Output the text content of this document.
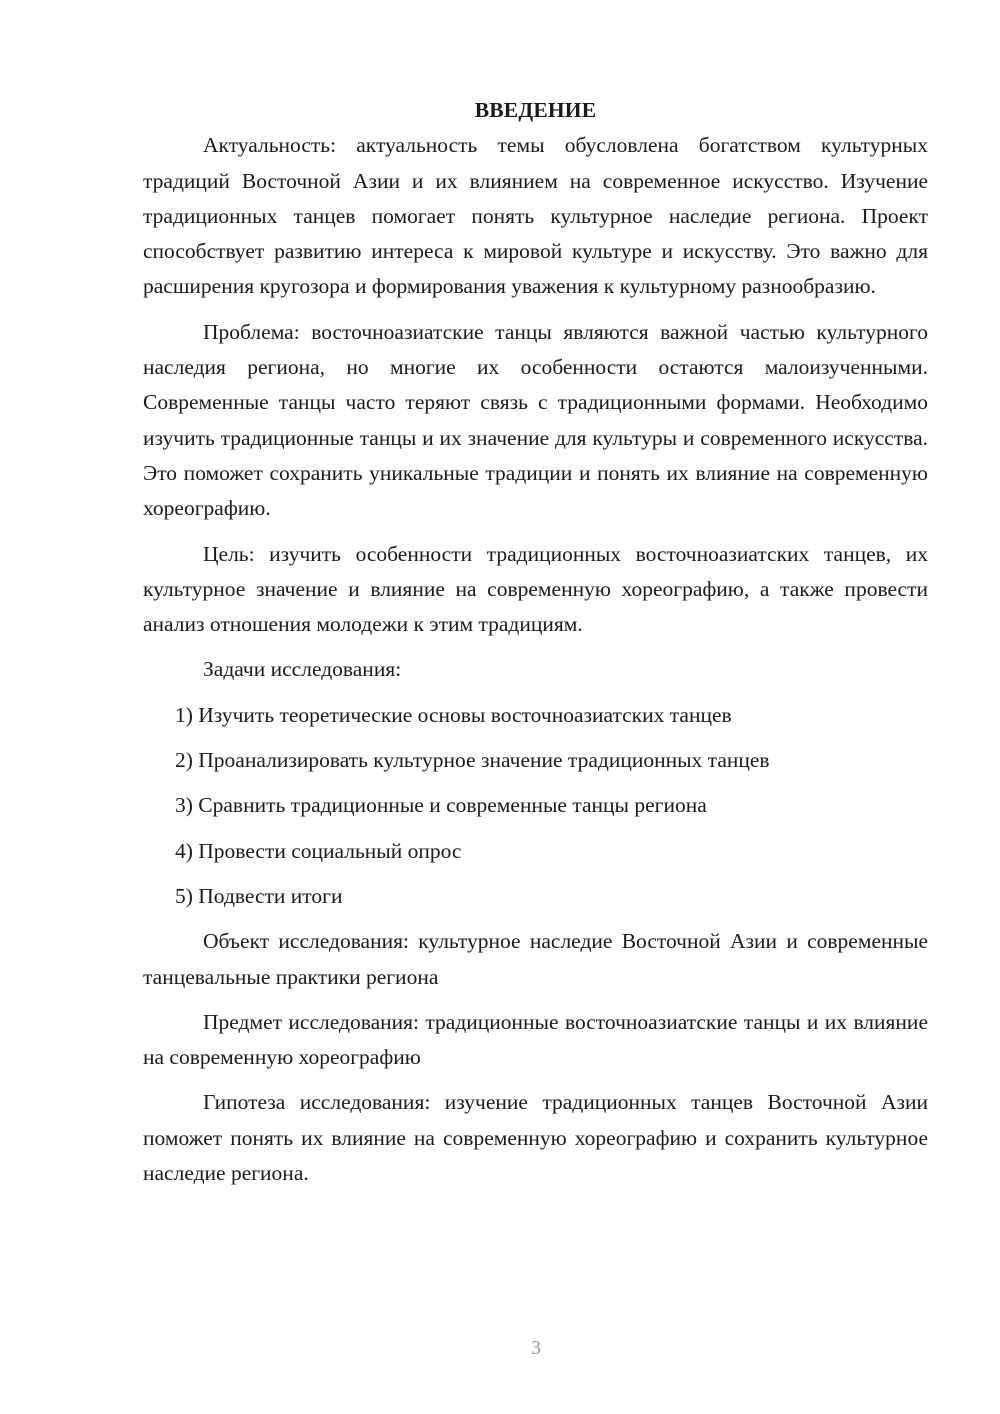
ВВЕДЕНИЕ

Актуальность: актуальность темы обусловлена богатством культурных традиций Восточной Азии и их влиянием на современное искусство. Изучение традиционных танцев помогает понять культурное наследие региона. Проект способствует развитию интереса к мировой культуре и искусству. Это важно для расширения кругозора и формирования уважения к культурному разнообразию.

Проблема: восточноазиатские танцы являются важной частью культурного наследия региона, но многие их особенности остаются малоизученными. Современные танцы часто теряют связь с традиционными формами. Необходимо изучить традиционные танцы и их значение для культуры и современного искусства. Это поможет сохранить уникальные традиции и понять их влияние на современную хореографию.

Цель: изучить особенности традиционных восточноазиатских танцев, их культурное значение и влияние на современную хореографию, а также провести анализ отношения молодежи к этим традициям.

Задачи исследования:

1) Изучить теоретические основы восточноазиатских танцев

2) Проанализировать культурное значение традиционных танцев

3) Сравнить традиционные и современные танцы региона

4) Провести социальный опрос

5) Подвести итоги

Объект исследования: культурное наследие Восточной Азии и современные танцевальные практики региона

Предмет исследования: традиционные восточноазиатские танцы и их влияние на современную хореографию

Гипотеза исследования: изучение традиционных танцев Восточной Азии поможет понять их влияние на современную хореографию и сохранить культурное наследие региона.

3
